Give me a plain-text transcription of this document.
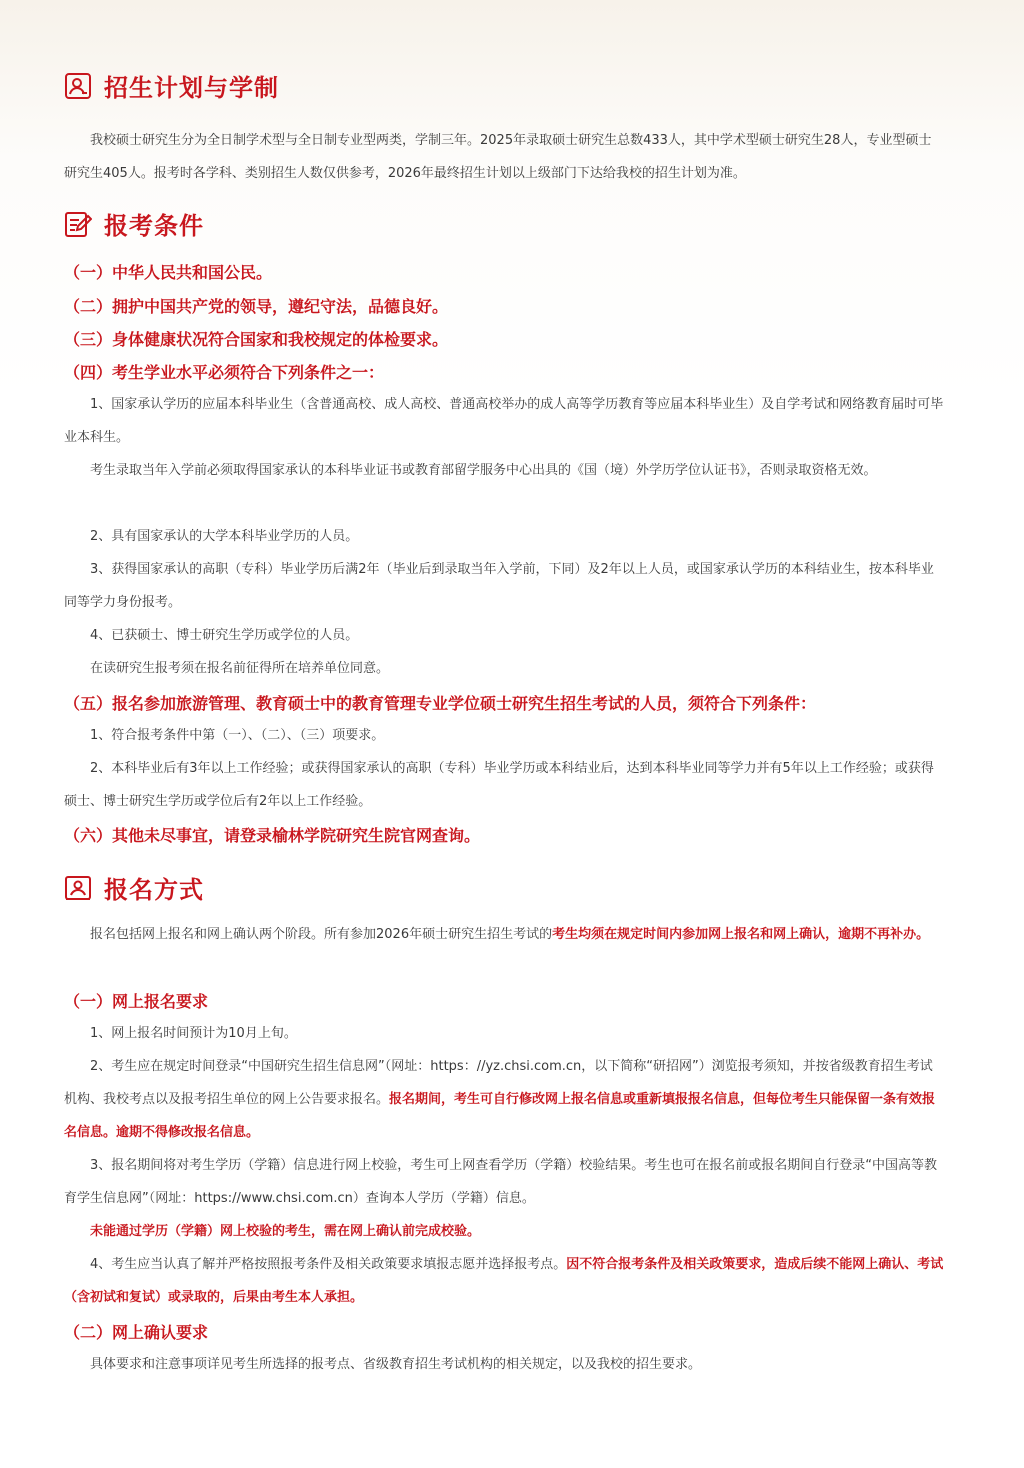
招生计划与学制

我校硕士研究生分为全日制学术型与全日制专业型两类，学制三年。2025年录取硕士研究生总数433人，其中学术型硕士研究生28人，专业型硕士研究生405人。报考时各学科、类别招生人数仅供参考，2026年最终招生计划以上级部门下达给我校的招生计划为准。

报考条件
（一）中华人民共和国公民。
（二）拥护中国共产党的领导，遵纪守法，品德良好。
（三）身体健康状况符合国家和我校规定的体检要求。
（四）考生学业水平必须符合下列条件之一：

1、国家承认学历的应届本科毕业生（含普通高校、成人高校、普通高校举办的成人高等学历教育等应届本科毕业生）及自学考试和网络教育届时可毕业本科生。

考生录取当年入学前必须取得国家承认的本科毕业证书或教育部留学服务中心出具的《国（境）外学历学位认证书》，否则录取资格无效。

2、具有国家承认的大学本科毕业学历的人员。

3、获得国家承认的高职（专科）毕业学历后满2年（毕业后到录取当年入学前，下同）及2年以上人员，或国家承认学历的本科结业生，按本科毕业同等学力身份报考。

4、已获硕士、博士研究生学历或学位的人员。

在读研究生报考须在报名前征得所在培养单位同意。

（五）报名参加旅游管理、教育硕士中的教育管理专业学位硕士研究生招生考试的人员，须符合下列条件：

1、符合报考条件中第（一）、（二）、（三）项要求。

2、本科毕业后有3年以上工作经验；或获得国家承认的高职（专科）毕业学历或本科结业后，达到本科毕业同等学力并有5年以上工作经验；或获得硕士、博士研究生学历或学位后有2年以上工作经验。

（六）其他未尽事宜，请登录榆林学院研究生院官网查询。
报名方式

报名包括网上报名和网上确认两个阶段。所有参加2026年硕士研究生招生考试的考生均须在规定时间内参加网上报名和网上确认，逾期不再补办。

（一）网上报名要求

1、网上报名时间预计为10月上旬。

2、考生应在规定时间登录“中国研究生招生信息网”（网址：https：//yz.chsi.com.cn，以下简称“研招网”）浏览报考须知，并按省级教育招生考试机构、我校考点以及报考招生单位的网上公告要求报名。报名期间，考生可自行修改网上报名信息或重新填报报名信息，但每位考生只能保留一条有效报名信息。逾期不得修改报名信息。

3、报名期间将对考生学历（学籍）信息进行网上校验，考生可上网查看学历（学籍）校验结果。考生也可在报名前或报名期间自行登录“中国高等教育学生信息网”（网址：https://www.chsi.com.cn）查询本人学历（学籍）信息。

未能通过学历（学籍）网上校验的考生，需在网上确认前完成校验。

4、考生应当认真了解并严格按照报考条件及相关政策要求填报志愿并选择报考点。因不符合报考条件及相关政策要求，造成后续不能网上确认、考试（含初试和复试）或录取的，后果由考生本人承担。

（二）网上确认要求

具体要求和注意事项详见考生所选择的报考点、省级教育招生考试机构的相关规定，以及我校的招生要求。
